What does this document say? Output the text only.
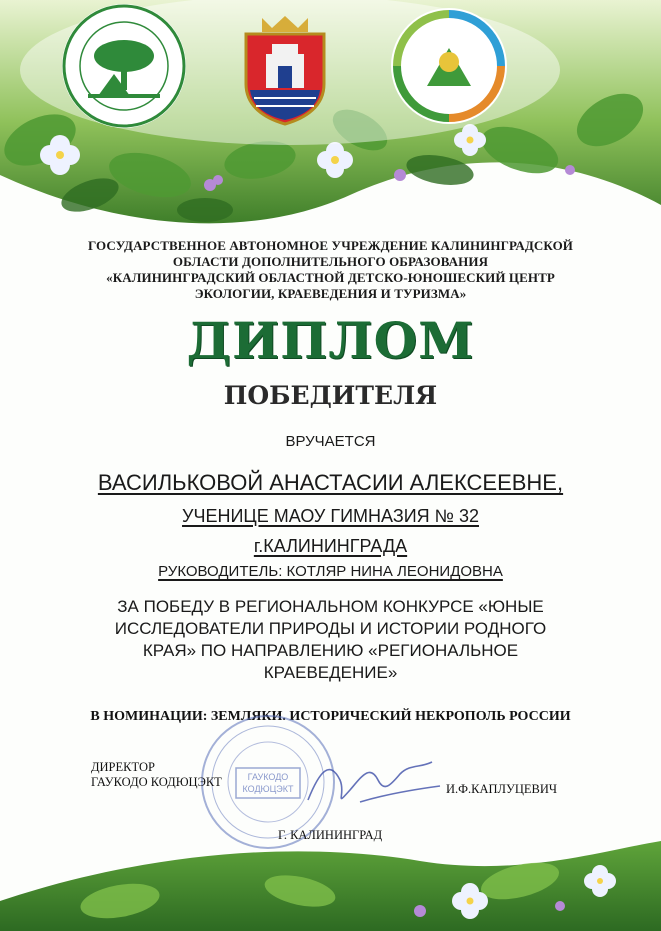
ГОСУДАРСТВЕННОЕ АВТОНОМНОЕ УЧРЕЖДЕНИЕ КАЛИНИНГРАДСКОЙ
ОБЛАСТИ ДОПОЛНИТЕЛЬНОГО ОБРАЗОВАНИЯ
«КАЛИНИНГРАДСКИЙ ОБЛАСТНОЙ ДЕТСКО-ЮНОШЕСКИЙ ЦЕНТР
ЭКОЛОГИИ, КРАЕВЕДЕНИЯ И ТУРИЗМА»
ДИПЛОМ
ПОБЕДИТЕЛЯ
ВРУЧАЕТСЯ
ВАСИЛЬКОВОЙ АНАСТАСИИ АЛЕКСЕЕВНЕ,
УЧЕНИЦЕ МАОУ ГИМНАЗИЯ № 32
г.КАЛИНИНГРАДА
РУКОВОДИТЕЛЬ: КОТЛЯР НИНА ЛЕОНИДОВНА
ЗА ПОБЕДУ В РЕГИОНАЛЬНОМ КОНКУРСЕ «ЮНЫЕ
ИССЛЕДОВАТЕЛИ ПРИРОДЫ И ИСТОРИИ РОДНОГО
КРАЯ» ПО НАПРАВЛЕНИЮ «РЕГИОНАЛЬНОЕ
КРАЕВЕДЕНИЕ»
В НОМИНАЦИИ: ЗЕМЛЯКИ. ИСТОРИЧЕСКИЙ НЕКРОПОЛЬ РОССИИ
ГАУКОДО
КОДЮЦЭКТ
ДИРЕКТОР
ГАУКОДО КОДЮЦЭКТ	И.Ф.КАПЛУЦЕВИЧ
Г. КАЛИНИНГРАД
